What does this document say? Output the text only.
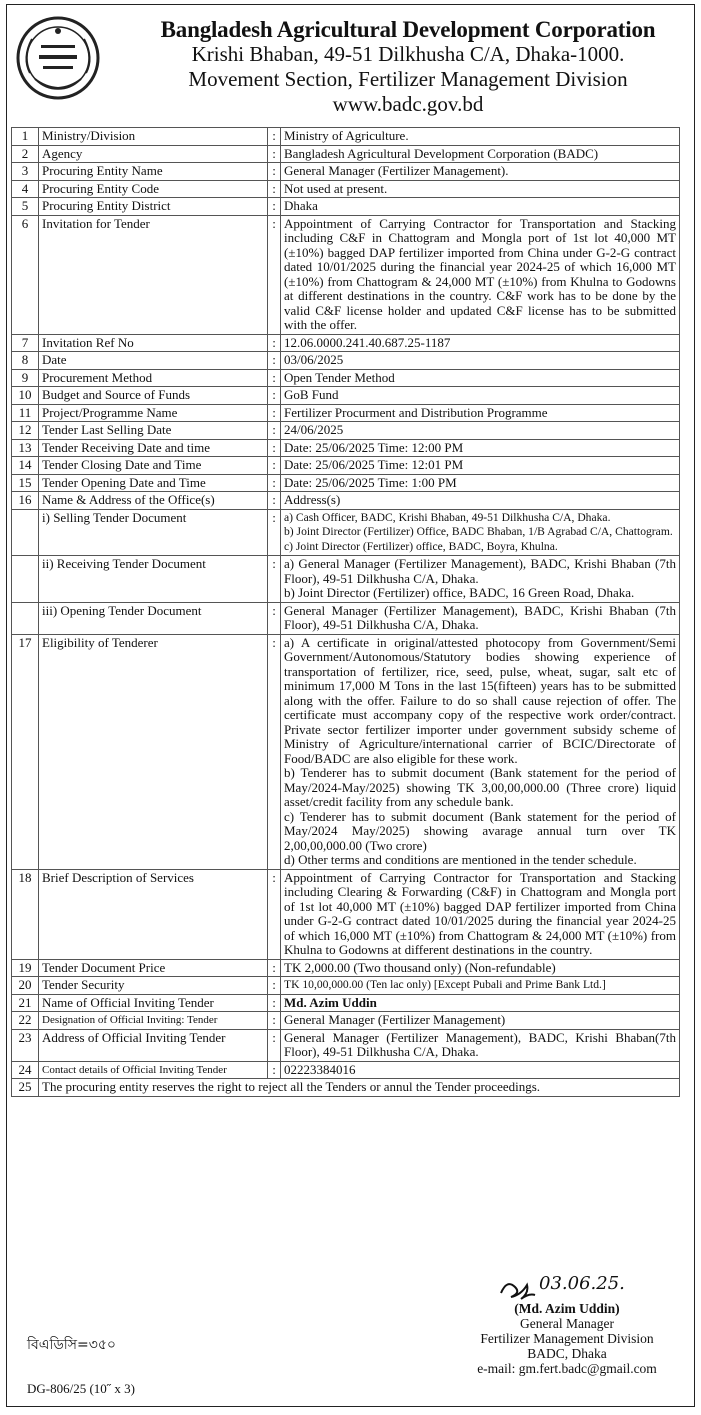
Bangladesh Agricultural Development Corporation
Krishi Bhaban, 49-51 Dilkhusha C/A, Dhaka-1000.
Movement Section, Fertilizer Management Division
www.badc.gov.bd
1	Ministry/Division	:	Ministry of Agriculture.
2	Agency	:	Bangladesh Agricultural Development Corporation (BADC)
3	Procuring Entity Name	:	General Manager (Fertilizer Management).
4	Procuring Entity Code	:	Not used at present.
5	Procuring Entity District	:	Dhaka
6	Invitation for Tender	:	Appointment of Carrying Contractor for Transportation and Stacking including C&F in Chattogram and Mongla port of 1st lot 40,000 MT (±10%) bagged DAP fertilizer imported from China under G-2-G contract dated 10/01/2025 during the financial year 2024-25 of which 16,000 MT (±10%) from Chattogram & 24,000 MT (±10%) from Khulna to Godowns at different destinations in the country. C&F work has to be done by the valid C&F license holder and updated C&F license has to be submitted with the offer.
7	Invitation Ref No	:	12.06.0000.241.40.687.25-1187
8	Date	:	03/06/2025
9	Procurement Method	:	Open Tender Method
10	Budget and Source of Funds	:	GoB Fund
11	Project/Programme Name	:	Fertilizer Procurment and Distribution Programme
12	Tender Last Selling Date	:	24/06/2025
13	Tender Receiving Date and time	:	Date: 25/06/2025 Time: 12:00 PM
14	Tender Closing Date and Time	:	Date: 25/06/2025 Time: 12:01 PM
15	Tender Opening Date and Time	:	Date: 25/06/2025 Time: 1:00 PM
16	Name & Address of the Office(s)	:	Address(s)
	i) Selling Tender Document	:	a) Cash Officer, BADC, Krishi Bhaban, 49-51 Dilkhusha C/A, Dhaka.
b) Joint Director (Fertilizer) Office, BADC Bhaban, 1/B Agrabad C/A, Chattogram.
c) Joint Director (Fertilizer) office, BADC, Boyra, Khulna.

	ii) Receiving Tender Document	:	a) General Manager (Fertilizer Management), BADC, Krishi Bhaban (7th Floor), 49-51 Dilkhusha C/A, Dhaka.
b) Joint Director (Fertilizer) office, BADC, 16 Green Road, Dhaka.

	iii) Opening Tender Document	:	General Manager (Fertilizer Management), BADC, Krishi Bhaban (7th Floor), 49-51 Dilkhusha C/A, Dhaka.
17	Eligibility of Tenderer	:	a) A certificate in original/attested photocopy from Government/Semi Government/Autonomous/Statutory bodies showing experience of transportation of fertilizer, rice, seed, pulse, wheat, sugar, salt etc of minimum 17,000 M Tons in the last 15(fifteen) years has to be submitted along with the offer. Failure to do so shall cause rejection of offer. The certificate must accompany copy of the respective work order/contract. Private sector fertilizer importer under government subsidy scheme of Ministry of Agriculture/international carrier of BCIC/Directorate of Food/BADC are also eligible for these work.
b) Tenderer has to submit document (Bank statement for the period of May/2024-May/2025) showing TK 3,00,00,000.00 (Three crore) liquid asset/credit facility from any schedule bank.
c) Tenderer has to submit document (Bank statement for the period of May/2024 May/2025) showing avarage annual turn over TK 2,00,00,000.00 (Two crore)
d) Other terms and conditions are mentioned in the tender schedule.

18	Brief Description of Services	:	Appointment of Carrying Contractor for Transportation and Stacking including Clearing & Forwarding (C&F) in Chattogram and Mongla port of 1st lot 40,000 MT (±10%) bagged DAP fertilizer imported from China under G-2-G contract dated 10/01/2025 during the financial year 2024-25 of which 16,000 MT (±10%) from Chattogram & 24,000 MT (±10%) from Khulna to Godowns at different destinations in the country.
19	Tender Document Price	:	TK 2,000.00 (Two thousand only) (Non-refundable)
20	Tender Security	:	TK 10,00,000.00 (Ten lac only) [Except Pubali and Prime Bank Ltd.]
21	Name of Official Inviting Tender	:	Md. Azim Uddin
22	Designation of Official Inviting: Tender	:	General Manager (Fertilizer Management)
23	Address of Official Inviting Tender	:	General Manager (Fertilizer Management), BADC, Krishi Bhaban(7th Floor), 49-51 Dilkhusha C/A, Dhaka.
24	Contact details of Official Inviting Tender	:	02223384016
25	The procuring entity reserves the right to reject all the Tenders or annul the Tender proceedings.		
03.06.25.
(Md. Azim Uddin)
General Manager
Fertilizer Management Division
BADC, Dhaka
e-mail: gm.fert.badc@gmail.com
বিএডিসি=৩৫০
DG-806/25 (10˝ x 3)
